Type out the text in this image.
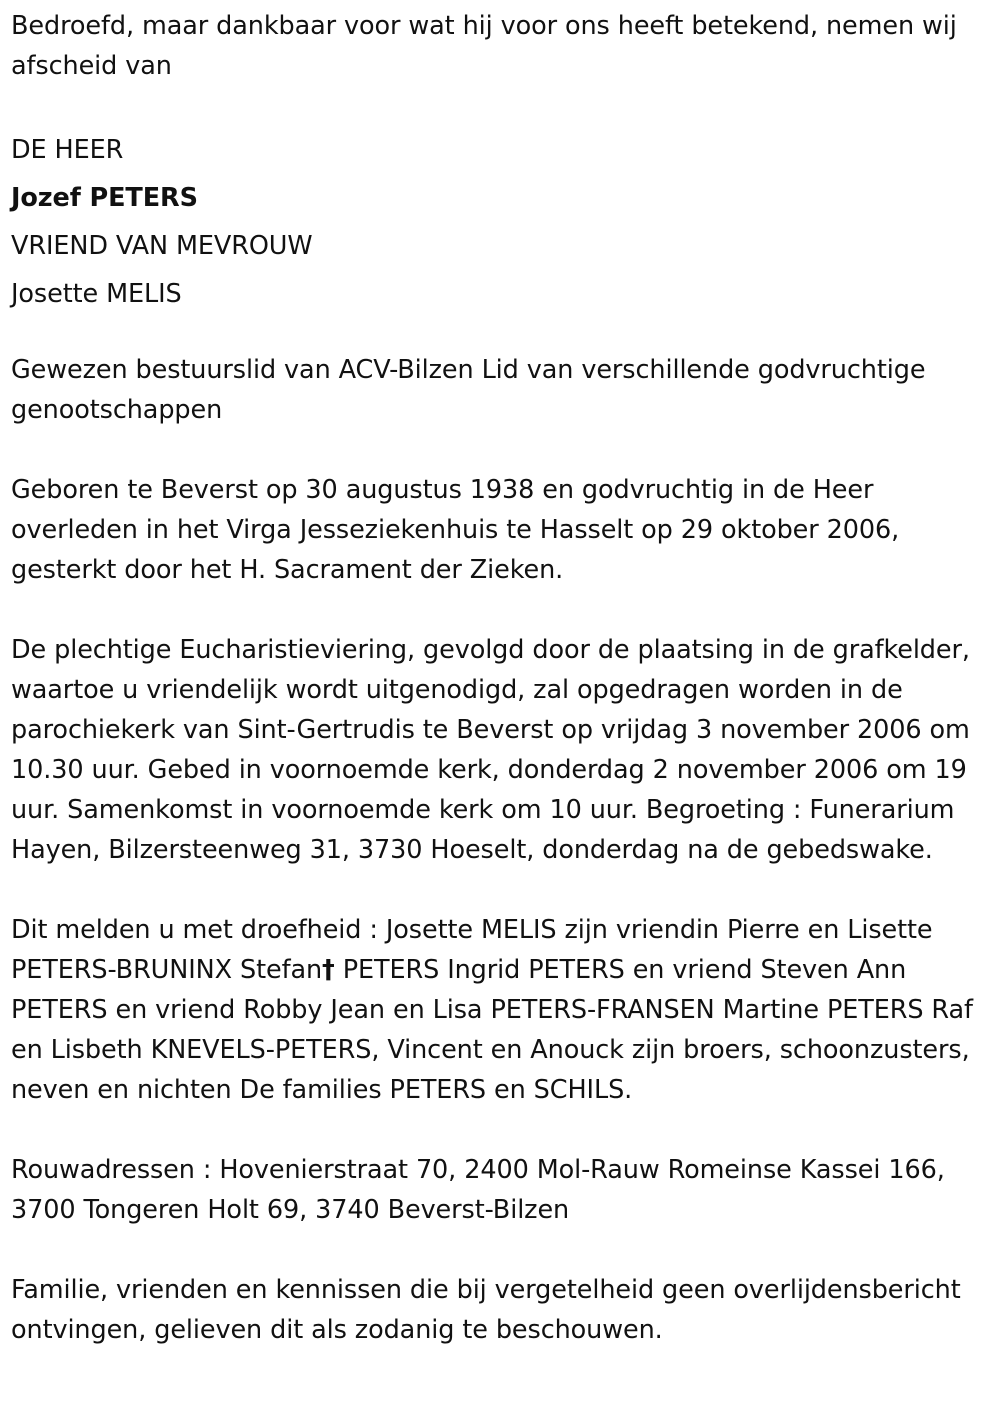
Bedroefd, maar dankbaar voor wat hij voor ons heeft betekend, nemen wij afscheid van

DE HEER

Jozef PETERS

VRIEND VAN MEVROUW

Josette MELIS

Gewezen bestuurslid van ACV-Bilzen Lid van verschillende godvruchtige genootschappen

Geboren te Beverst op 30 augustus 1938 en godvruchtig in de Heer overleden in het Virga Jesseziekenhuis te Hasselt op 29 oktober 2006, gesterkt door het H. Sacrament der Zieken.

De plechtige Eucharistieviering, gevolgd door de plaatsing in de grafkelder, waartoe u vriendelijk wordt uitgenodigd, zal opgedragen worden in de parochiekerk van Sint-Gertrudis te Beverst op vrijdag 3 november 2006 om 10.30 uur. Gebed in voornoemde kerk, donderdag 2 november 2006 om 19 uur. Samenkomst in voornoemde kerk om 10 uur. Begroeting : Funerarium Hayen, Bilzersteenweg 31, 3730 Hoeselt, donderdag na de gebedswake.

Dit melden u met droefheid : Josette MELIS zijn vriendin Pierre en Lisette PETERS-BRUNINX Stefan† PETERS Ingrid PETERS en vriend Steven Ann PETERS en vriend Robby Jean en Lisa PETERS-FRANSEN Martine PETERS Raf en Lisbeth KNEVELS-PETERS, Vincent en Anouck zijn broers, schoonzusters, neven en nichten De families PETERS en SCHILS.

Rouwadressen : Hovenierstraat 70, 2400 Mol-Rauw Romeinse Kassei 166, 3700 Tongeren Holt 69, 3740 Beverst-Bilzen

Familie, vrienden en kennissen die bij vergetelheid geen overlijdensbericht ontvingen, gelieven dit als zodanig te beschouwen.
